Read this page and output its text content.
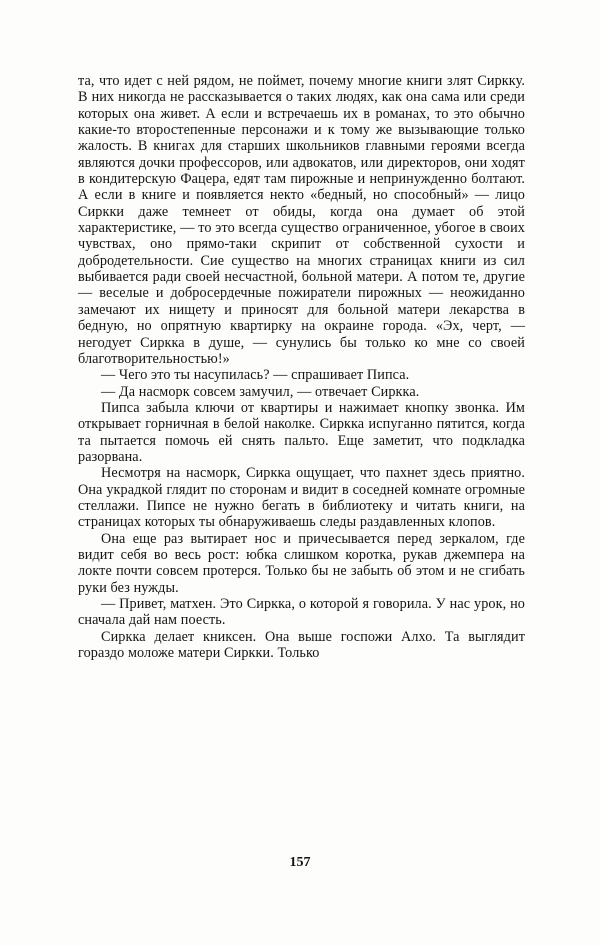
та, что идет с ней рядом, не поймет, почему многие книги злят Сиркку. В них никогда не рассказывается о таких людях, как она сама или среди которых она живет. А если и встречаешь их в романах, то это обычно какие-то второстепенные персонажи и к тому же вызывающие только жалость. В книгах для старших школьников главными героями всегда являются дочки профессоров, или адвокатов, или директоров, они ходят в кондитерскую Фацера, едят там пирожные и непринужденно болтают. А если в книге и появляется некто «бедный, но способный» — лицо Сиркки даже темнеет от обиды, когда она думает об этой характеристике, — то это всегда существо ограниченное, убогое в своих чувствах, оно прямо-таки скрипит от собственной сухости и добродетельности. Сие существо на многих страницах книги из сил выбивается ради своей несчастной, больной матери. А потом те, другие — веселые и добросердечные пожиратели пирожных — неожиданно замечают их нищету и приносят для больной матери лекарства в бедную, но опрятную квартирку на окраине города. «Эх, черт, — негодует Сиркка в душе, — сунулись бы только ко мне со своей благотворительностью!»

— Чего это ты насупилась? — спрашивает Пипса.

— Да насморк совсем замучил, — отвечает Сиркка.

Пипса забыла ключи от квартиры и нажимает кнопку звонка. Им открывает горничная в белой наколке. Сиркка испуганно пятится, когда та пытается помочь ей снять пальто. Еще заметит, что подкладка разорвана.

Несмотря на насморк, Сиркка ощущает, что пахнет здесь приятно. Она украдкой глядит по сторонам и видит в соседней комнате огромные стеллажи. Пипсе не нужно бегать в библиотеку и читать книги, на страницах которых ты обнаруживаешь следы раздавленных клопов.

Она еще раз вытирает нос и причесывается перед зеркалом, где видит себя во весь рост: юбка слишком коротка, рукав джемпера на локте почти совсем протерся. Только бы не забыть об этом и не сгибать руки без нужды.

— Привет, матхен. Это Сиркка, о которой я говорила. У нас урок, но сначала дай нам поесть.

Сиркка делает книксен. Она выше госпожи Алхо. Та выглядит гораздо моложе матери Сиркки. Только

157
